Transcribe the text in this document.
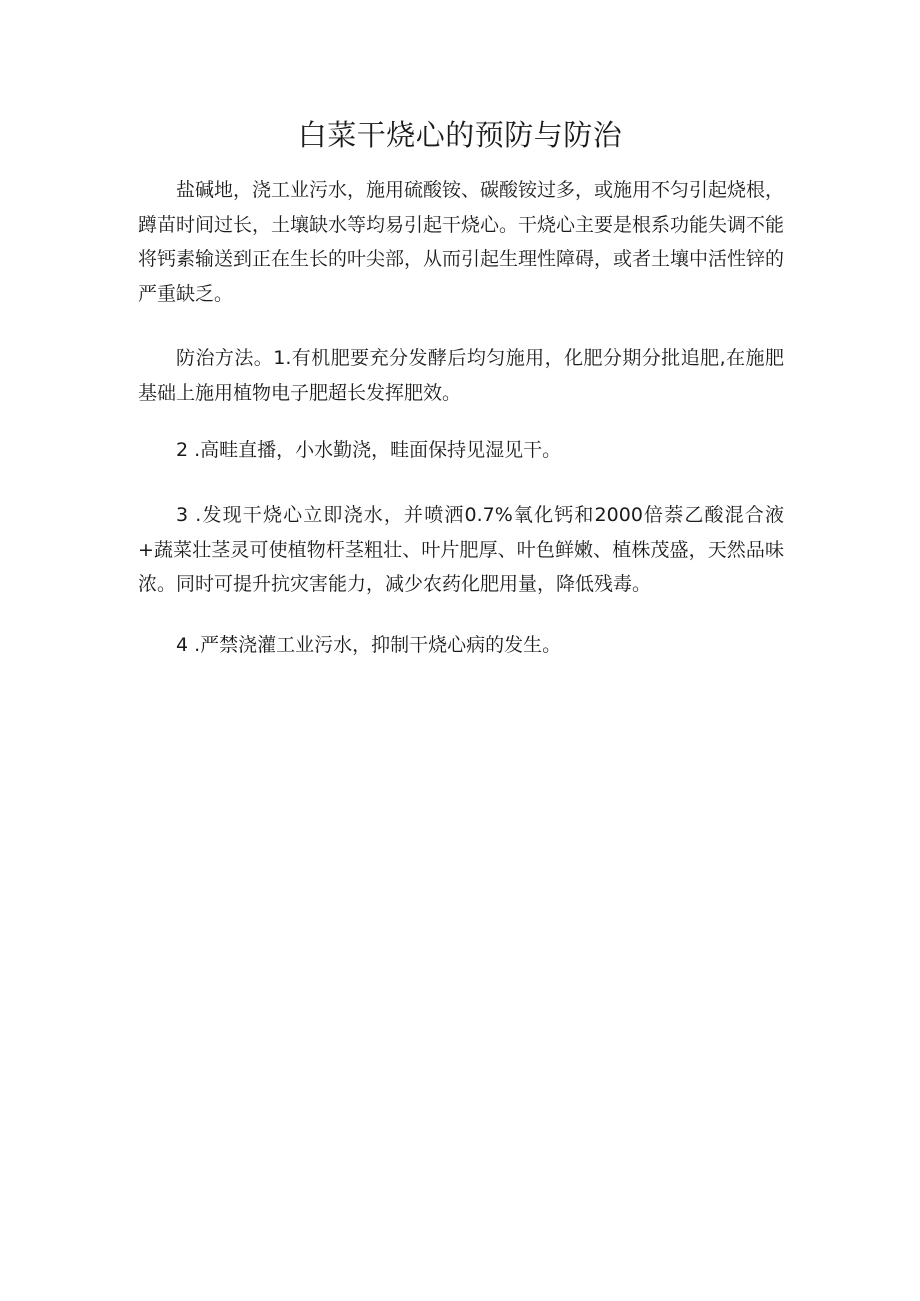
白菜干烧心的预防与防治

盐碱地，浇工业污水，施用硫酸铵、碳酸铵过多，或施用不匀引起烧根，蹲苗时间过长，土壤缺水等均易引起干烧心。干烧心主要是根系功能失调不能将钙素输送到正在生长的叶尖部，从而引起生理性障碍，或者土壤中活性锌的严重缺乏。

防治方法。1.有机肥要充分发酵后均匀施用，化肥分期分批追肥,在施肥基础上施用植物电子肥超长发挥肥效。

2 .高畦直播，小水勤浇，畦面保持见湿见干。

3 .发现干烧心立即浇水，并喷洒0.7%氧化钙和2000倍萘乙酸混合液+蔬菜壮茎灵可使植物杆茎粗壮、叶片肥厚、叶色鲜嫩、植株茂盛，天然品味浓。同时可提升抗灾害能力，减少农药化肥用量，降低残毒。

4 .严禁浇灌工业污水，抑制干烧心病的发生。
